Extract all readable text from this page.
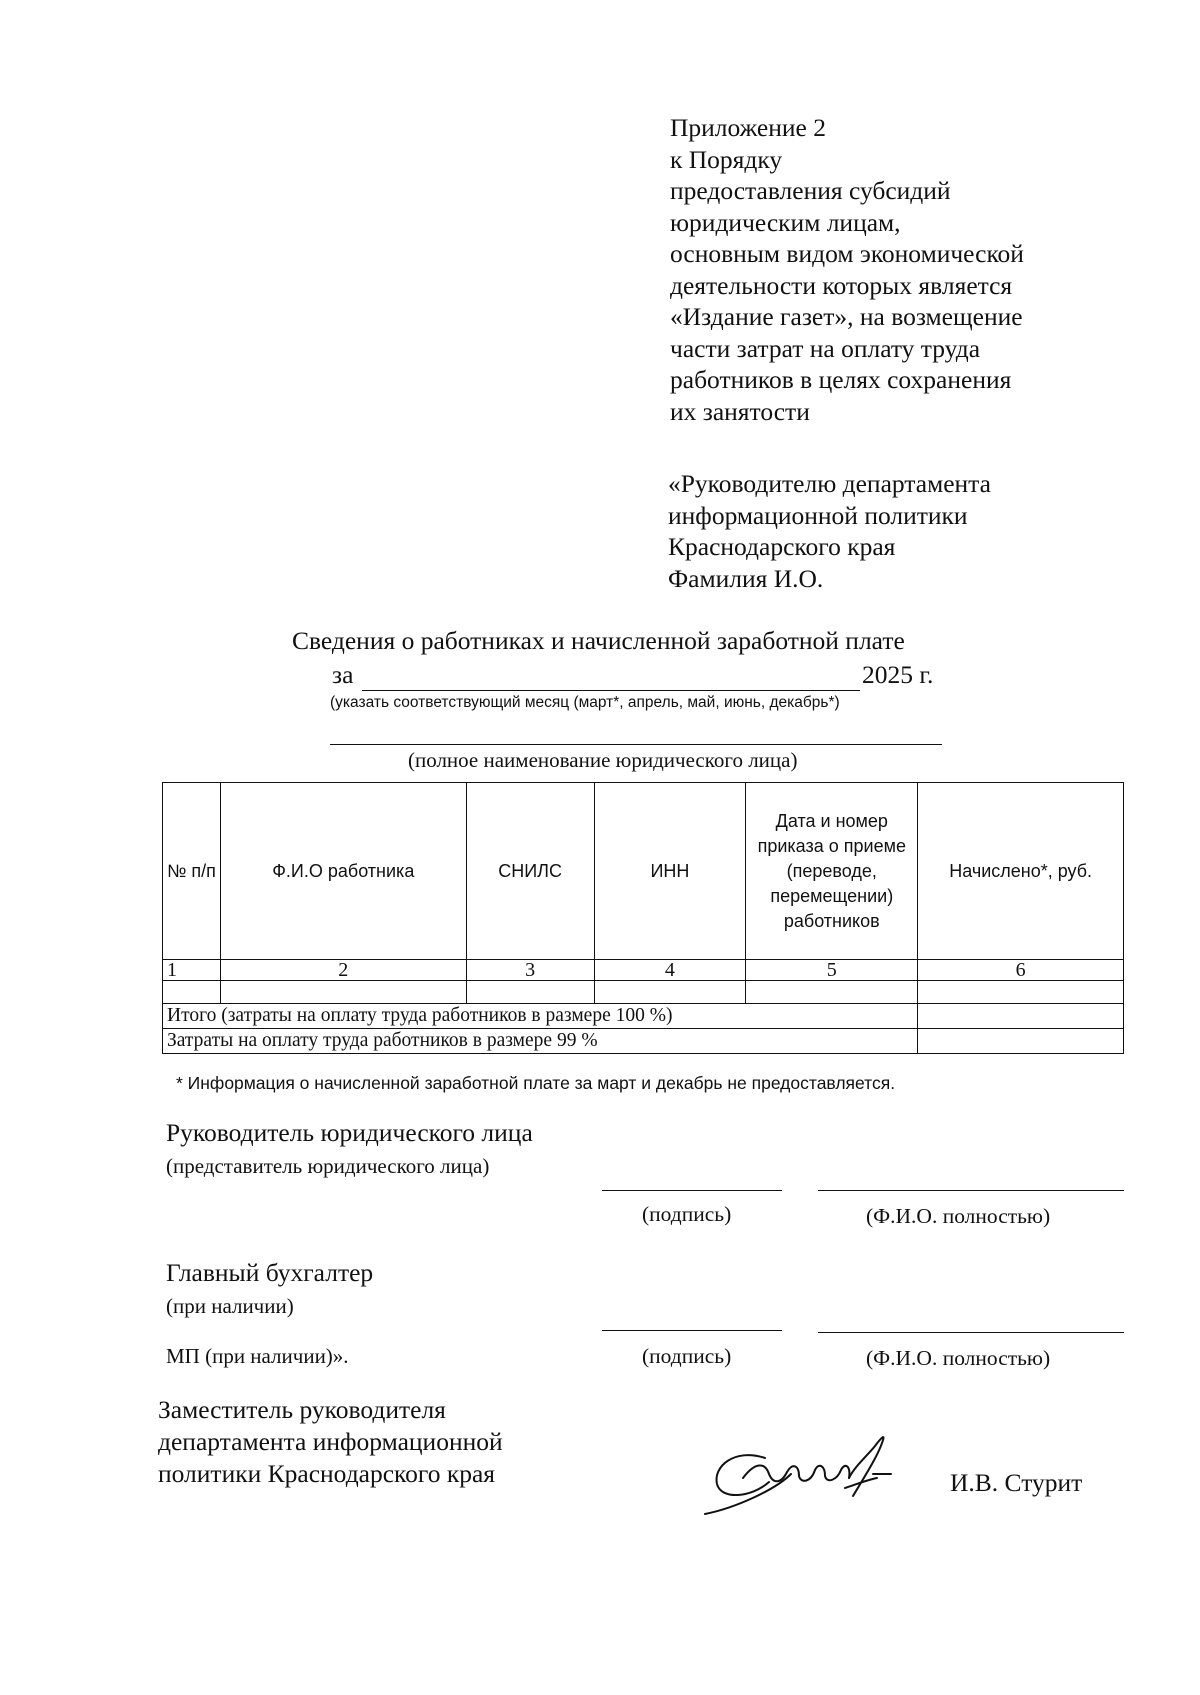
Приложение 2
к Порядку
предоставления субсидий
юридическим лицам,
основным видом экономической
деятельности которых является
«Издание газет», на возмещение
части затрат на оплату труда
работников в целях сохранения
их занятости
«Руководителю департамента
информационной политики
Краснодарского края
Фамилия И.О.
Сведения о работниках и начисленной заработной плате
за	2025 г.
(указать соответствующий месяц (март*, апрель, май, июнь, декабрь*)
(полное наименование юридического лица)
№ п/п	Ф.И.О работника	СНИЛС	ИНН	Дата и номер приказа о приеме (переводе, перемещении) работников	Начислено*, руб.
1	2	3	4	5	6

Итого (затраты на оплату труда работников в размере 100 %)					
Затраты на оплату труда работников в размере 99 %					
* Информация о начисленной заработной плате за март и декабрь не предоставляется.
Руководитель юридического лица
(представитель юридического лица)
(подпись)	(Ф.И.О. полностью)
Главный бухгалтер
(при наличии)
МП (при наличии)».	(подпись)	(Ф.И.О. полностью)
Заместитель руководителя
департамента информационной
политики Краснодарского края	И.В. Стурит
